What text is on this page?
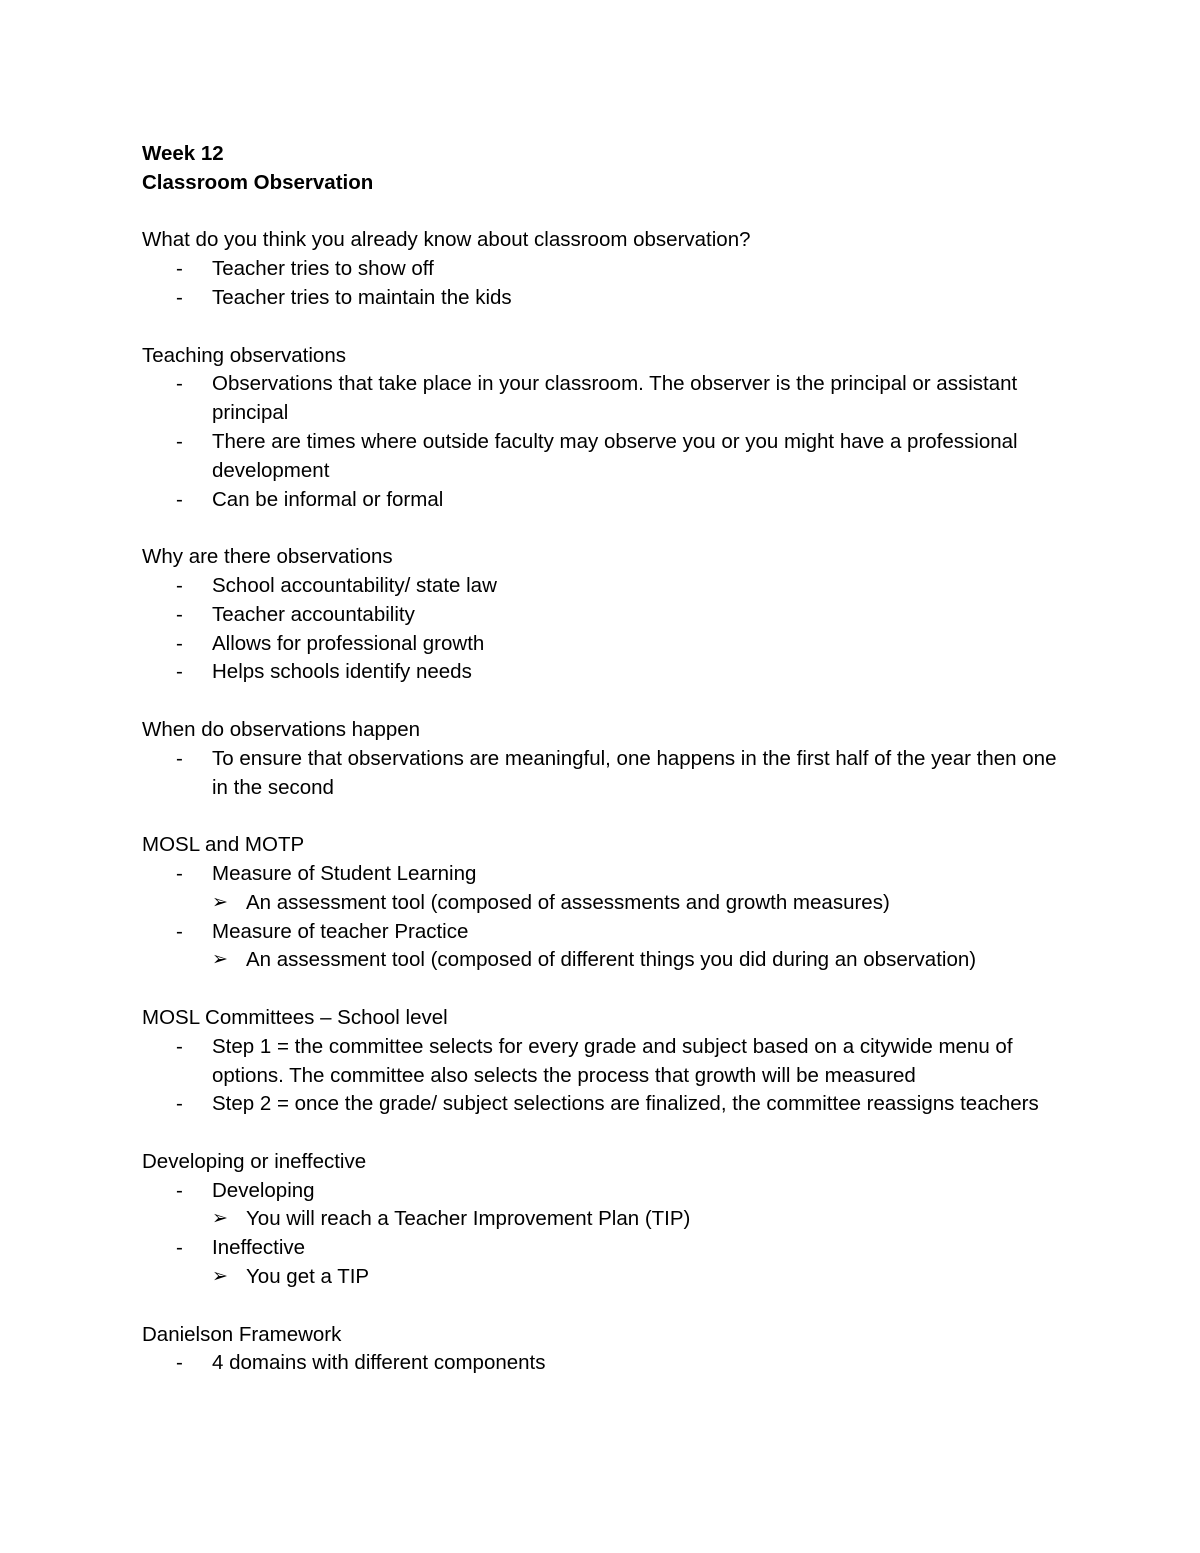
Week 12

Classroom Observation

What do you think you already know about classroom observation?

- Teacher tries to show off
- Teacher tries to maintain the kids

Teaching observations

- Observations that take place in your classroom. The observer is the principal or assistant principal
- There are times where outside faculty may observe you or you might have a professional development
- Can be informal or formal

Why are there observations

- School accountability/ state law
- Teacher accountability
- Allows for professional growth
- Helps schools identify needs

When do observations happen

- To ensure that observations are meaningful, one happens in the first half of the year then one in the second

MOSL and MOTP

- Measure of Student Learning
➢ An assessment tool (composed of assessments and growth measures)
- Measure of teacher Practice
➢ An assessment tool (composed of different things you did during an observation)

MOSL Committees – School level

- Step 1 = the committee selects for every grade and subject based on a citywide menu of options. The committee also selects the process that growth will be measured
- Step 2 = once the grade/ subject selections are finalized, the committee reassigns teachers

Developing or ineffective

- Developing
➢ You will reach a Teacher Improvement Plan (TIP)
- Ineffective
➢ You get a TIP

Danielson Framework

- 4 domains with different components
